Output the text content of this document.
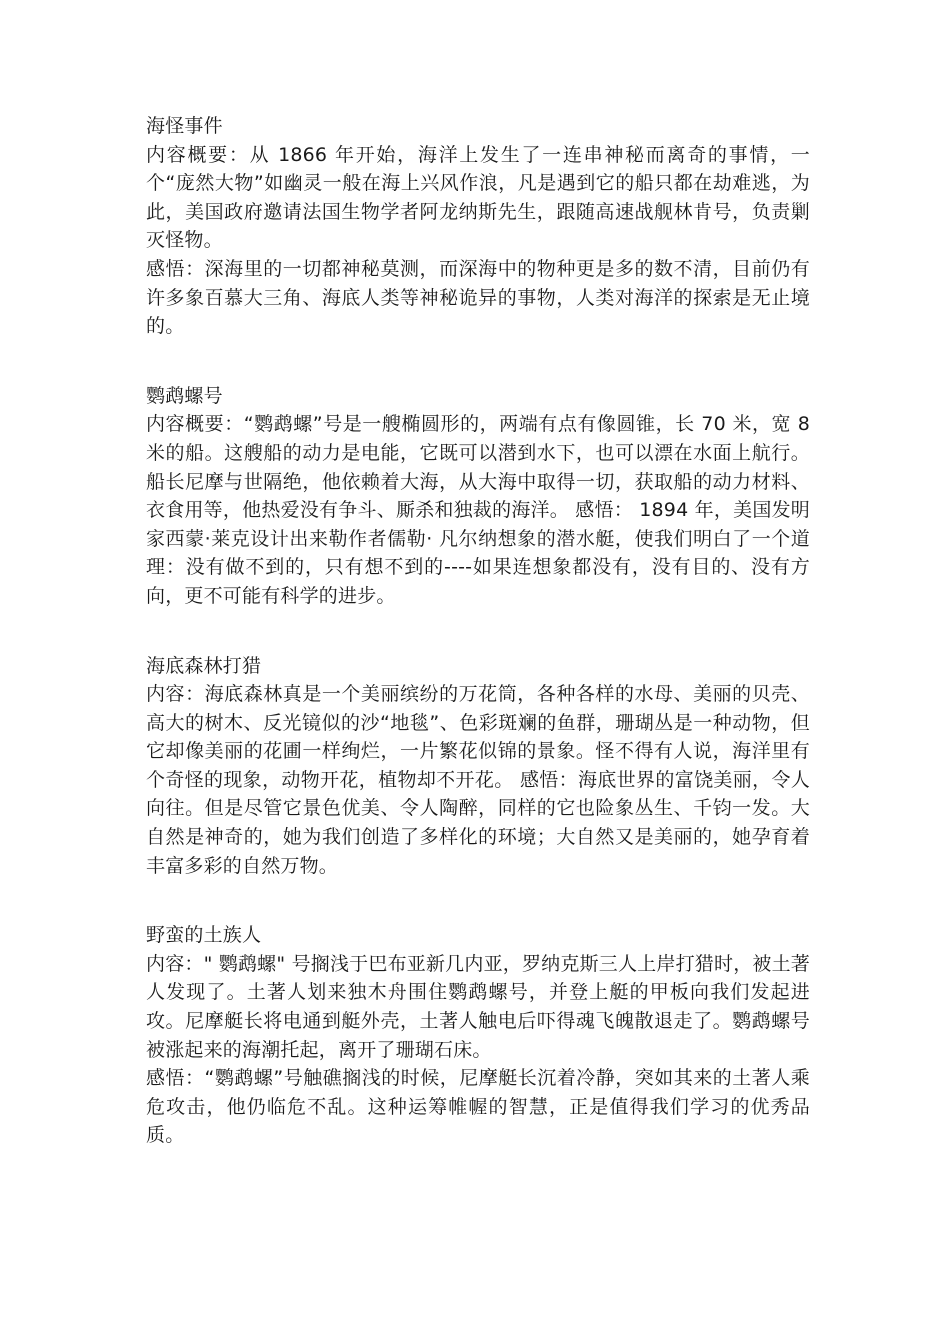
海怪事件

内容概要：从 1866 年开始，海洋上发生了一连串神秘而离奇的事情，一个“庞然大物”如幽灵一般在海上兴风作浪，凡是遇到它的船只都在劫难逃，为此，美国政府邀请法国生物学者阿龙纳斯先生，跟随高速战舰林肯号，负责剿灭怪物。

感悟：深海里的一切都神秘莫测，而深海中的物种更是多的数不清，目前仍有许多象百慕大三角、海底人类等神秘诡异的事物，人类对海洋的探索是无止境的。

鹦鹉螺号

内容概要：“鹦鹉螺”号是一艘椭圆形的，两端有点有像圆锥，长 70 米，宽 8 米的船。这艘船的动力是电能，它既可以潜到水下，也可以漂在水面上航行。船长尼摩与世隔绝，他依赖着大海，从大海中取得一切，获取船的动力材料、衣食用等，他热爱没有争斗、厮杀和独裁的海洋。 感悟： 1894 年，美国发明家西蒙·莱克设计出来勒作者儒勒· 凡尔纳想象的潜水艇，使我们明白了一个道理：没有做不到的，只有想不到的----如果连想象都没有，没有目的、没有方向，更不可能有科学的进步。

海底森林打猎

内容：海底森林真是一个美丽缤纷的万花筒，各种各样的水母、美丽的贝壳、高大的树木、反光镜似的沙“地毯”、色彩斑斓的鱼群，珊瑚丛是一种动物，但它却像美丽的花圃一样绚烂，一片繁花似锦的景象。怪不得有人说，海洋里有个奇怪的现象，动物开花，植物却不开花。 感悟：海底世界的富饶美丽，令人向往。但是尽管它景色优美、令人陶醉，同样的它也险象丛生、千钧一发。大自然是神奇的，她为我们创造了多样化的环境；大自然又是美丽的，她孕育着丰富多彩的自然万物。

野蛮的土族人

内容：" 鹦鹉螺" 号搁浅于巴布亚新几内亚，罗纳克斯三人上岸打猎时，被土著人发现了。土著人划来独木舟围住鹦鹉螺号，并登上艇的甲板向我们发起进攻。尼摩艇长将电通到艇外壳，土著人触电后吓得魂飞魄散退走了。鹦鹉螺号被涨起来的海潮托起，离开了珊瑚石床。

感悟：“鹦鹉螺”号触礁搁浅的时候，尼摩艇长沉着冷静，突如其来的土著人乘危攻击，他仍临危不乱。这种运筹帷幄的智慧，正是值得我们学习的优秀品质。
